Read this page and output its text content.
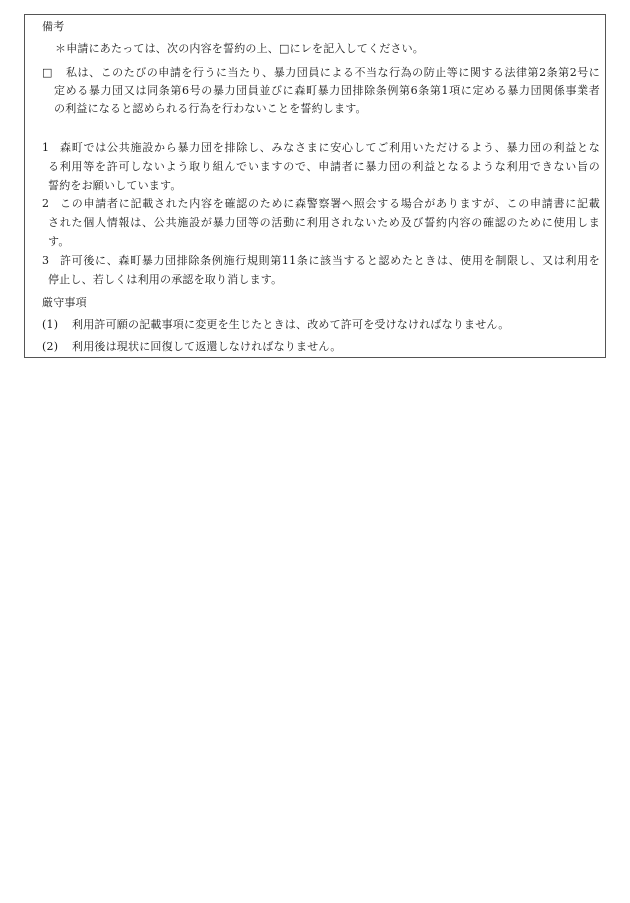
備考
＊申請にあたっては、次の内容を誓約の上、□にレを記入してください。
□ 私は、このたびの申請を行うに当たり、暴力団員による不当な行為の防止等に関する法律第2条第2号に
定める暴力団又は同条第6号の暴力団員並びに森町暴力団排除条例第6条第1項に定める暴力団関係事業者
の利益になると認められる行為を行わないことを誓約します。
1 森町では公共施設から暴力団を排除し、みなさまに安心してご利用いただけるよう、暴力団の利益とな
る利用等を許可しないよう取り組んでいますので、申請者に暴力団の利益となるような利用できない旨の
誓約をお願いしています。
2 この申請者に記載された内容を確認のために森警察署へ照会する場合がありますが、この申請書に記載
された個人情報は、公共施設が暴力団等の活動に利用されないため及び誓約内容の確認のために使用しま
す。
3 許可後に、森町暴力団排除条例施行規則第11条に該当すると認めたときは、使用を制限し、又は利用を
停止し、若しくは利用の承認を取り消します。
厳守事項
(1) 利用許可願の記載事項に変更を生じたときは、改めて許可を受けなければなりません。
(2) 利用後は現状に回復して返還しなければなりません。
